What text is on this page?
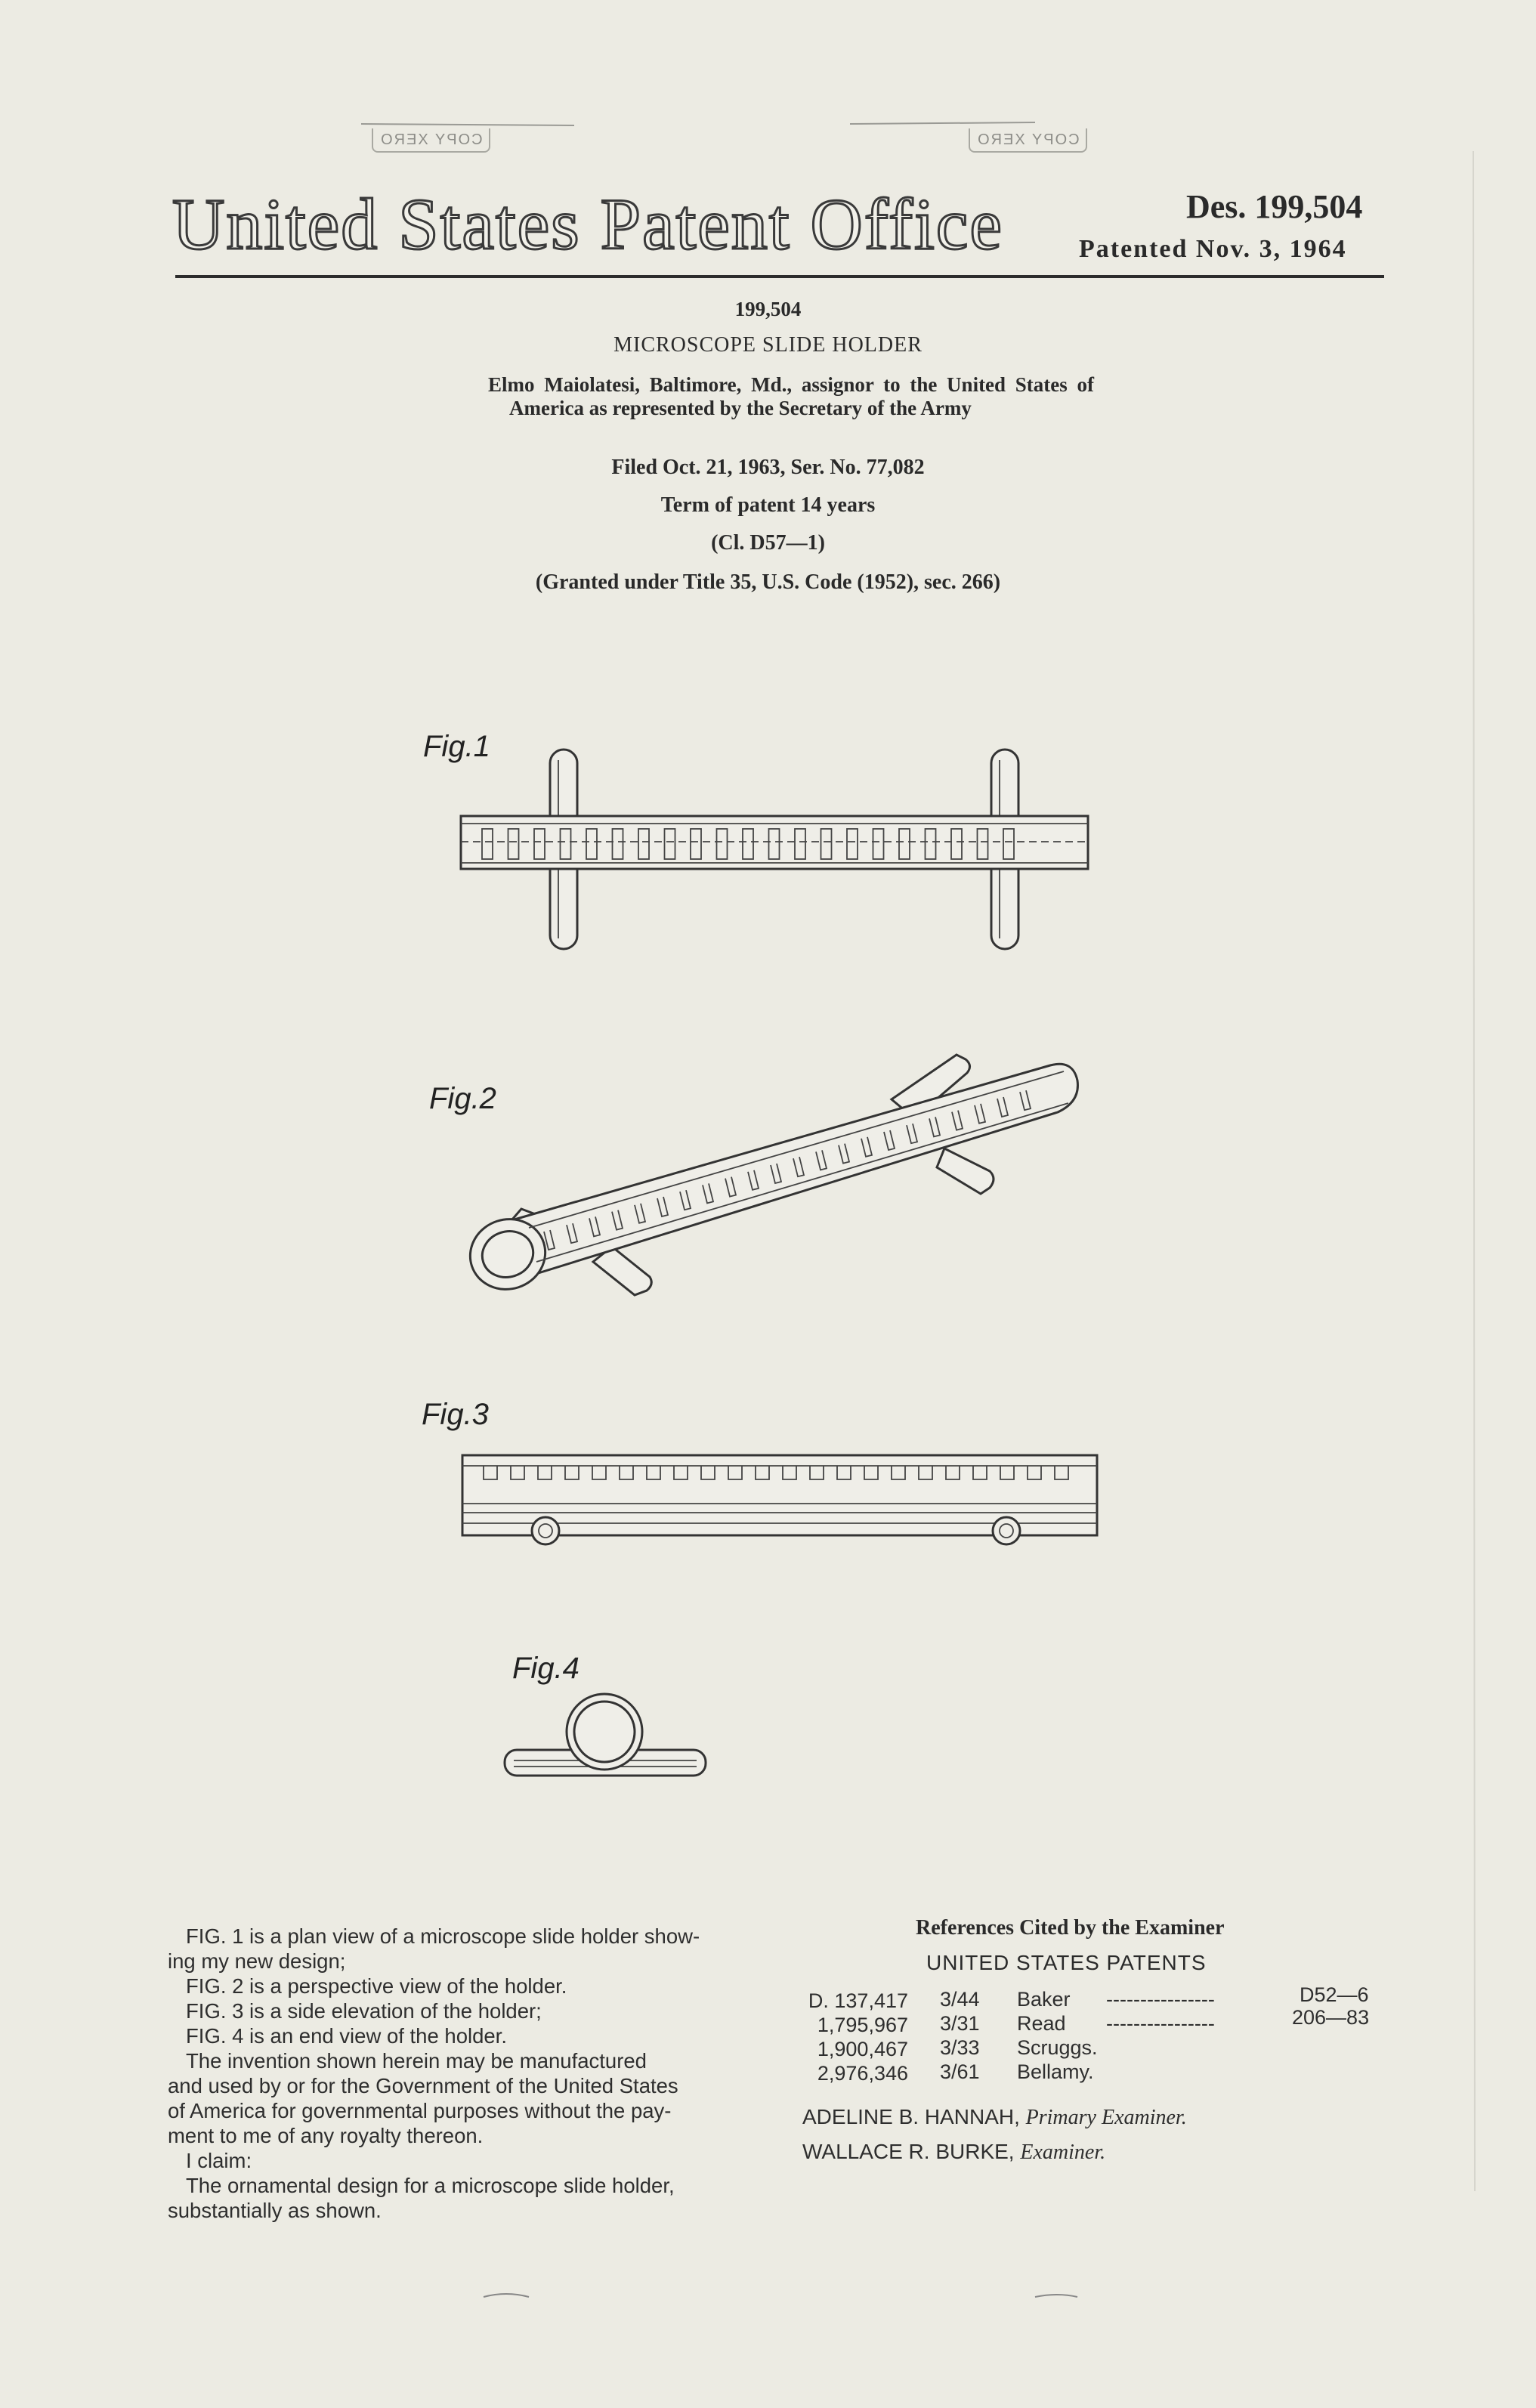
COPY XERO	COPY XERO
United States Patent Office	Des. 199,504
Patented Nov. 3, 1964
199,504
MICROSCOPE SLIDE HOLDER
Elmo Maiolatesi, Baltimore, Md., assignor to the United States of America as represented by the Secretary of the Army
Filed Oct. 21, 1963, Ser. No. 77,082
Term of patent 14 years
(Cl. D57—1)
(Granted under Title 35, U.S. Code (1952), sec. 266)
Fig.1
Fig.2
Fig.3
Fig.4
FIG. 1 is a plan view of a microscope slide holder show-
ing my new design;
FIG. 2 is a perspective view of the holder.
FIG. 3 is a side elevation of the holder;
FIG. 4 is an end view of the holder.
The invention shown herein may be manufactured
and used by or for the Government of the United States
of America for governmental purposes without the pay-
ment to me of any royalty thereon.
I claim:
The ornamental design for a microscope slide holder,
substantially as shown.
References Cited by the Examiner
UNITED STATES PATENTS
D. 137,417 3/44 Baker ----------------	D52—6
1,795,967 3/31 Read ----------------	206—83
1,900,467 3/33 Scruggs.
2,976,346 3/61 Bellamy.
ADELINE B. HANNAH, Primary Examiner.
WALLACE R. BURKE, Examiner.
